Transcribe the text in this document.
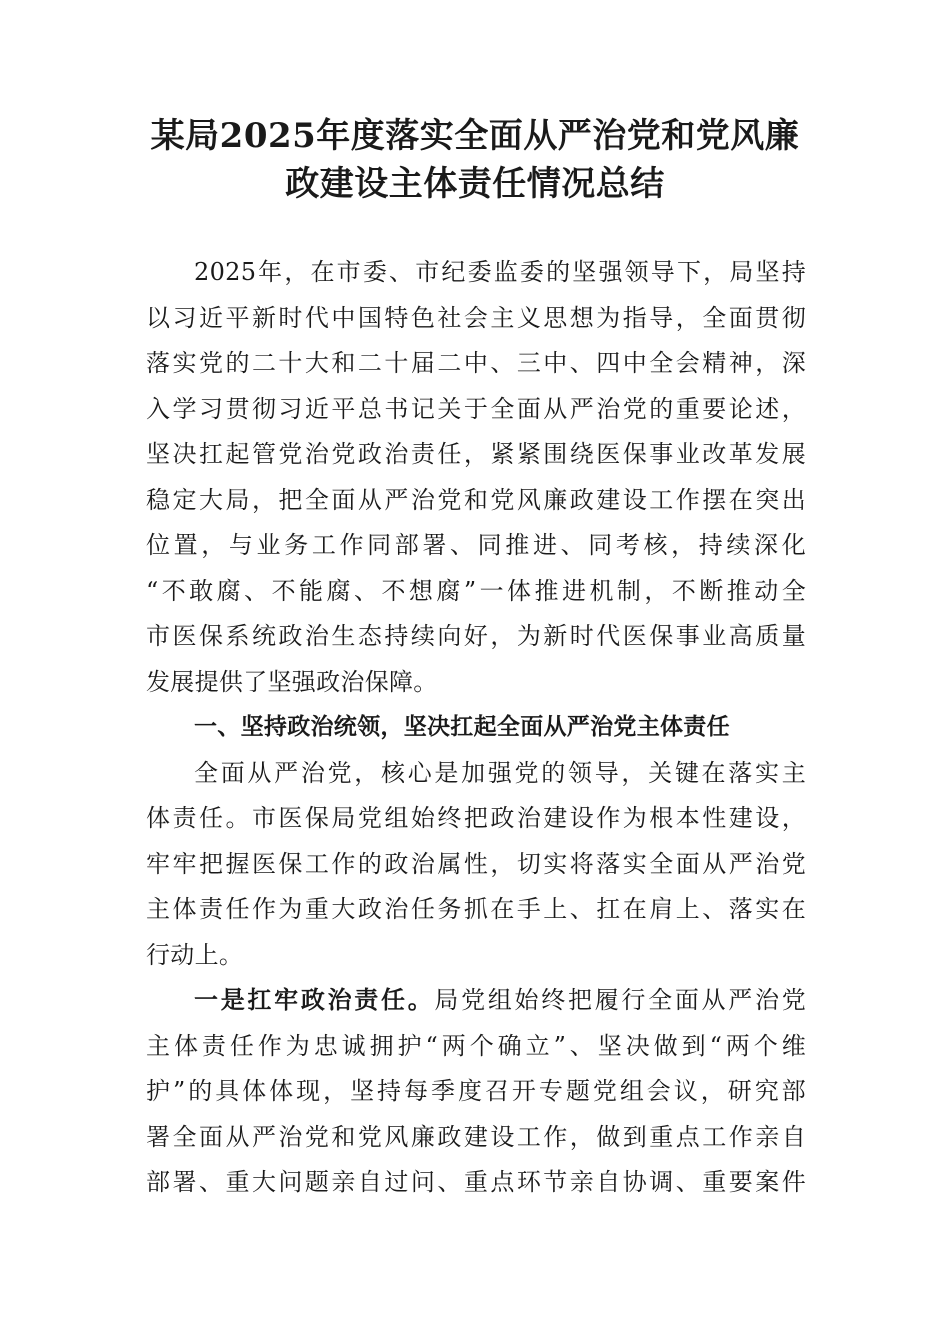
某局2025年度落实全面从严治党和党风廉
政建设主体责任情况总结
2025年，在市委、市纪委监委的坚强领导下，局坚持
以习近平新时代中国特色社会主义思想为指导，全面贯彻
落实党的二十大和二十届二中、三中、四中全会精神，深
入学习贯彻习近平总书记关于全面从严治党的重要论述，
坚决扛起管党治党政治责任，紧紧围绕医保事业改革发展
稳定大局，把全面从严治党和党风廉政建设工作摆在突出
位置，与业务工作同部署、同推进、同考核，持续深化
“不敢腐、不能腐、不想腐”一体推进机制，不断推动全
市医保系统政治生态持续向好，为新时代医保事业高质量
发展提供了坚强政治保障。
一、坚持政治统领，坚决扛起全面从严治党主体责任
全面从严治党，核心是加强党的领导，关键在落实主
体责任。市医保局党组始终把政治建设作为根本性建设，
牢牢把握医保工作的政治属性，切实将落实全面从严治党
主体责任作为重大政治任务抓在手上、扛在肩上、落实在
行动上。
一是扛牢政治责任。局党组始终把履行全面从严治党
主体责任作为忠诚拥护“两个确立”、坚决做到“两个维
护”的具体体现，坚持每季度召开专题党组会议，研究部
署全面从严治党和党风廉政建设工作，做到重点工作亲自
部署、重大问题亲自过问、重点环节亲自协调、重要案件
